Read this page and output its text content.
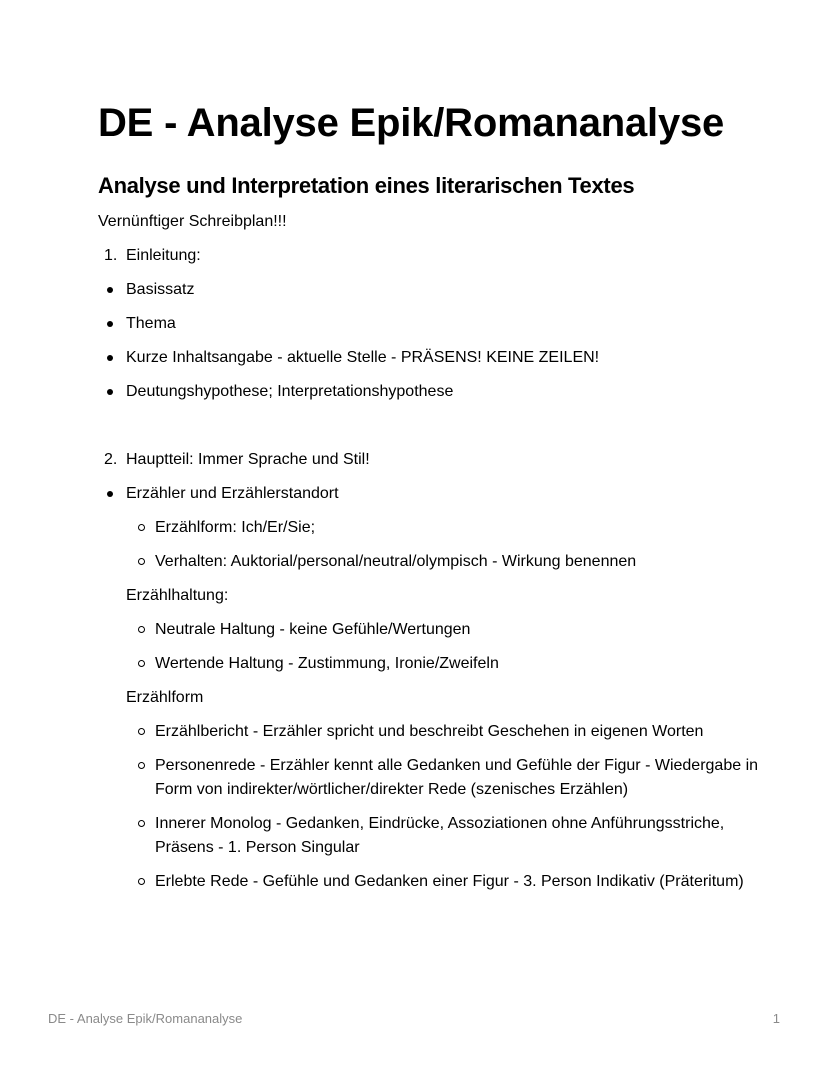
DE - Analyse Epik/Romananalyse
Analyse und Interpretation eines literarischen Textes

Vernünftiger Schreibplan!!!

1. Einleitung:
Basissatz
Thema
Kurze Inhaltsangabe - aktuelle Stelle - PRÄSENS! KEINE ZEILEN!
Deutungshypothese; Interpretationshypothese
2. Hauptteil: Immer Sprache und Stil!
Erzähler und Erzählerstandort
Erzählform: Ich/Er/Sie;
Verhalten: Auktorial/personal/neutral/olympisch - Wirkung benennen

Erzählhaltung:

Neutrale Haltung - keine Gefühle/Wertungen
Wertende Haltung - Zustimmung, Ironie/Zweifeln

Erzählform

Erzählbericht - Erzähler spricht und beschreibt Geschehen in eigenen Worten
Personenrede - Erzähler kennt alle Gedanken und Gefühle der Figur - Wiedergabe in Form von indirekter/wörtlicher/direkter Rede (szenisches Erzählen)
Innerer Monolog - Gedanken, Eindrücke, Assoziationen ohne Anführungsstriche, Präsens - 1. Person Singular
Erlebte Rede - Gefühle und Gedanken einer Figur - 3. Person Indikativ (Präteritum)
DE - Analyse Epik/Romananalyse	1
